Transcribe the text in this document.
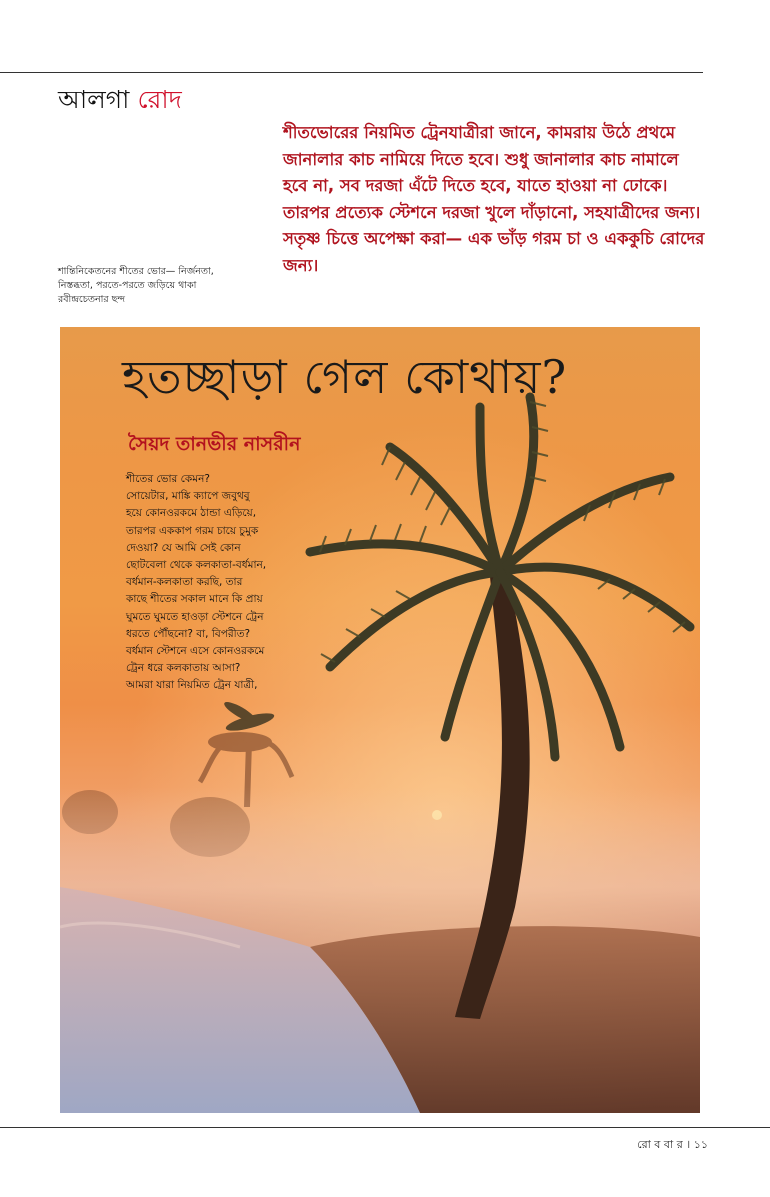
আলগা রোদ
শীতভোরের নিয়মিত ট্রেনযাত্রীরা জানে, কামরায় উঠে প্রথমে জানালার কাচ নামিয়ে দিতে হবে। শুধু জানালার কাচ নামালে হবে না, সব দরজা এঁটে দিতে হবে, যাতে হাওয়া না ঢোকে। তারপর প্রত্যেক স্টেশনে দরজা খুলে দাঁড়ানো, সহযাত্রীদের জন্য। সতৃষ্ণ চিত্তে অপেক্ষা করা— এক ভাঁড় গরম চা ও এককুচি রোদের জন্য।
শান্তিনিকেতনের শীতের ভোর— নির্জনতা, নিস্তব্ধতা, পরতে-পরতে জড়িয়ে থাকা রবীন্দ্রচেতনার ছন্দ
হতচ্ছাড়া গেল কোথায়?
সৈয়দ তানভীর নাসরীন
শীতের ভোর কেমন?
সোয়েটার, মাঙ্কি ক্যাপে জবুথবু
হয়ে কোনওরকমে ঠান্ডা এড়িয়ে,
তারপর এককাপ গরম চায়ে চুমুক
দেওয়া? যে আমি সেই কোন
ছোটবেলা থেকে কলকাতা-বর্ধমান,
বর্ধমান-কলকাতা করছি, তার
কাছে শীতের সকাল মানে কি প্রায়
ঘুমতে ঘুমতে হাওড়া স্টেশনে ট্রেন
ধরতে পৌঁছনো? বা, বিপরীত?
বর্ধমান স্টেশনে এসে কোনওরকমে
ট্রেন ধরে কলকাতায় আসা?
আমরা যারা নিয়মিত ট্রেন যাত্রী,
রো ব বা র । ১১
